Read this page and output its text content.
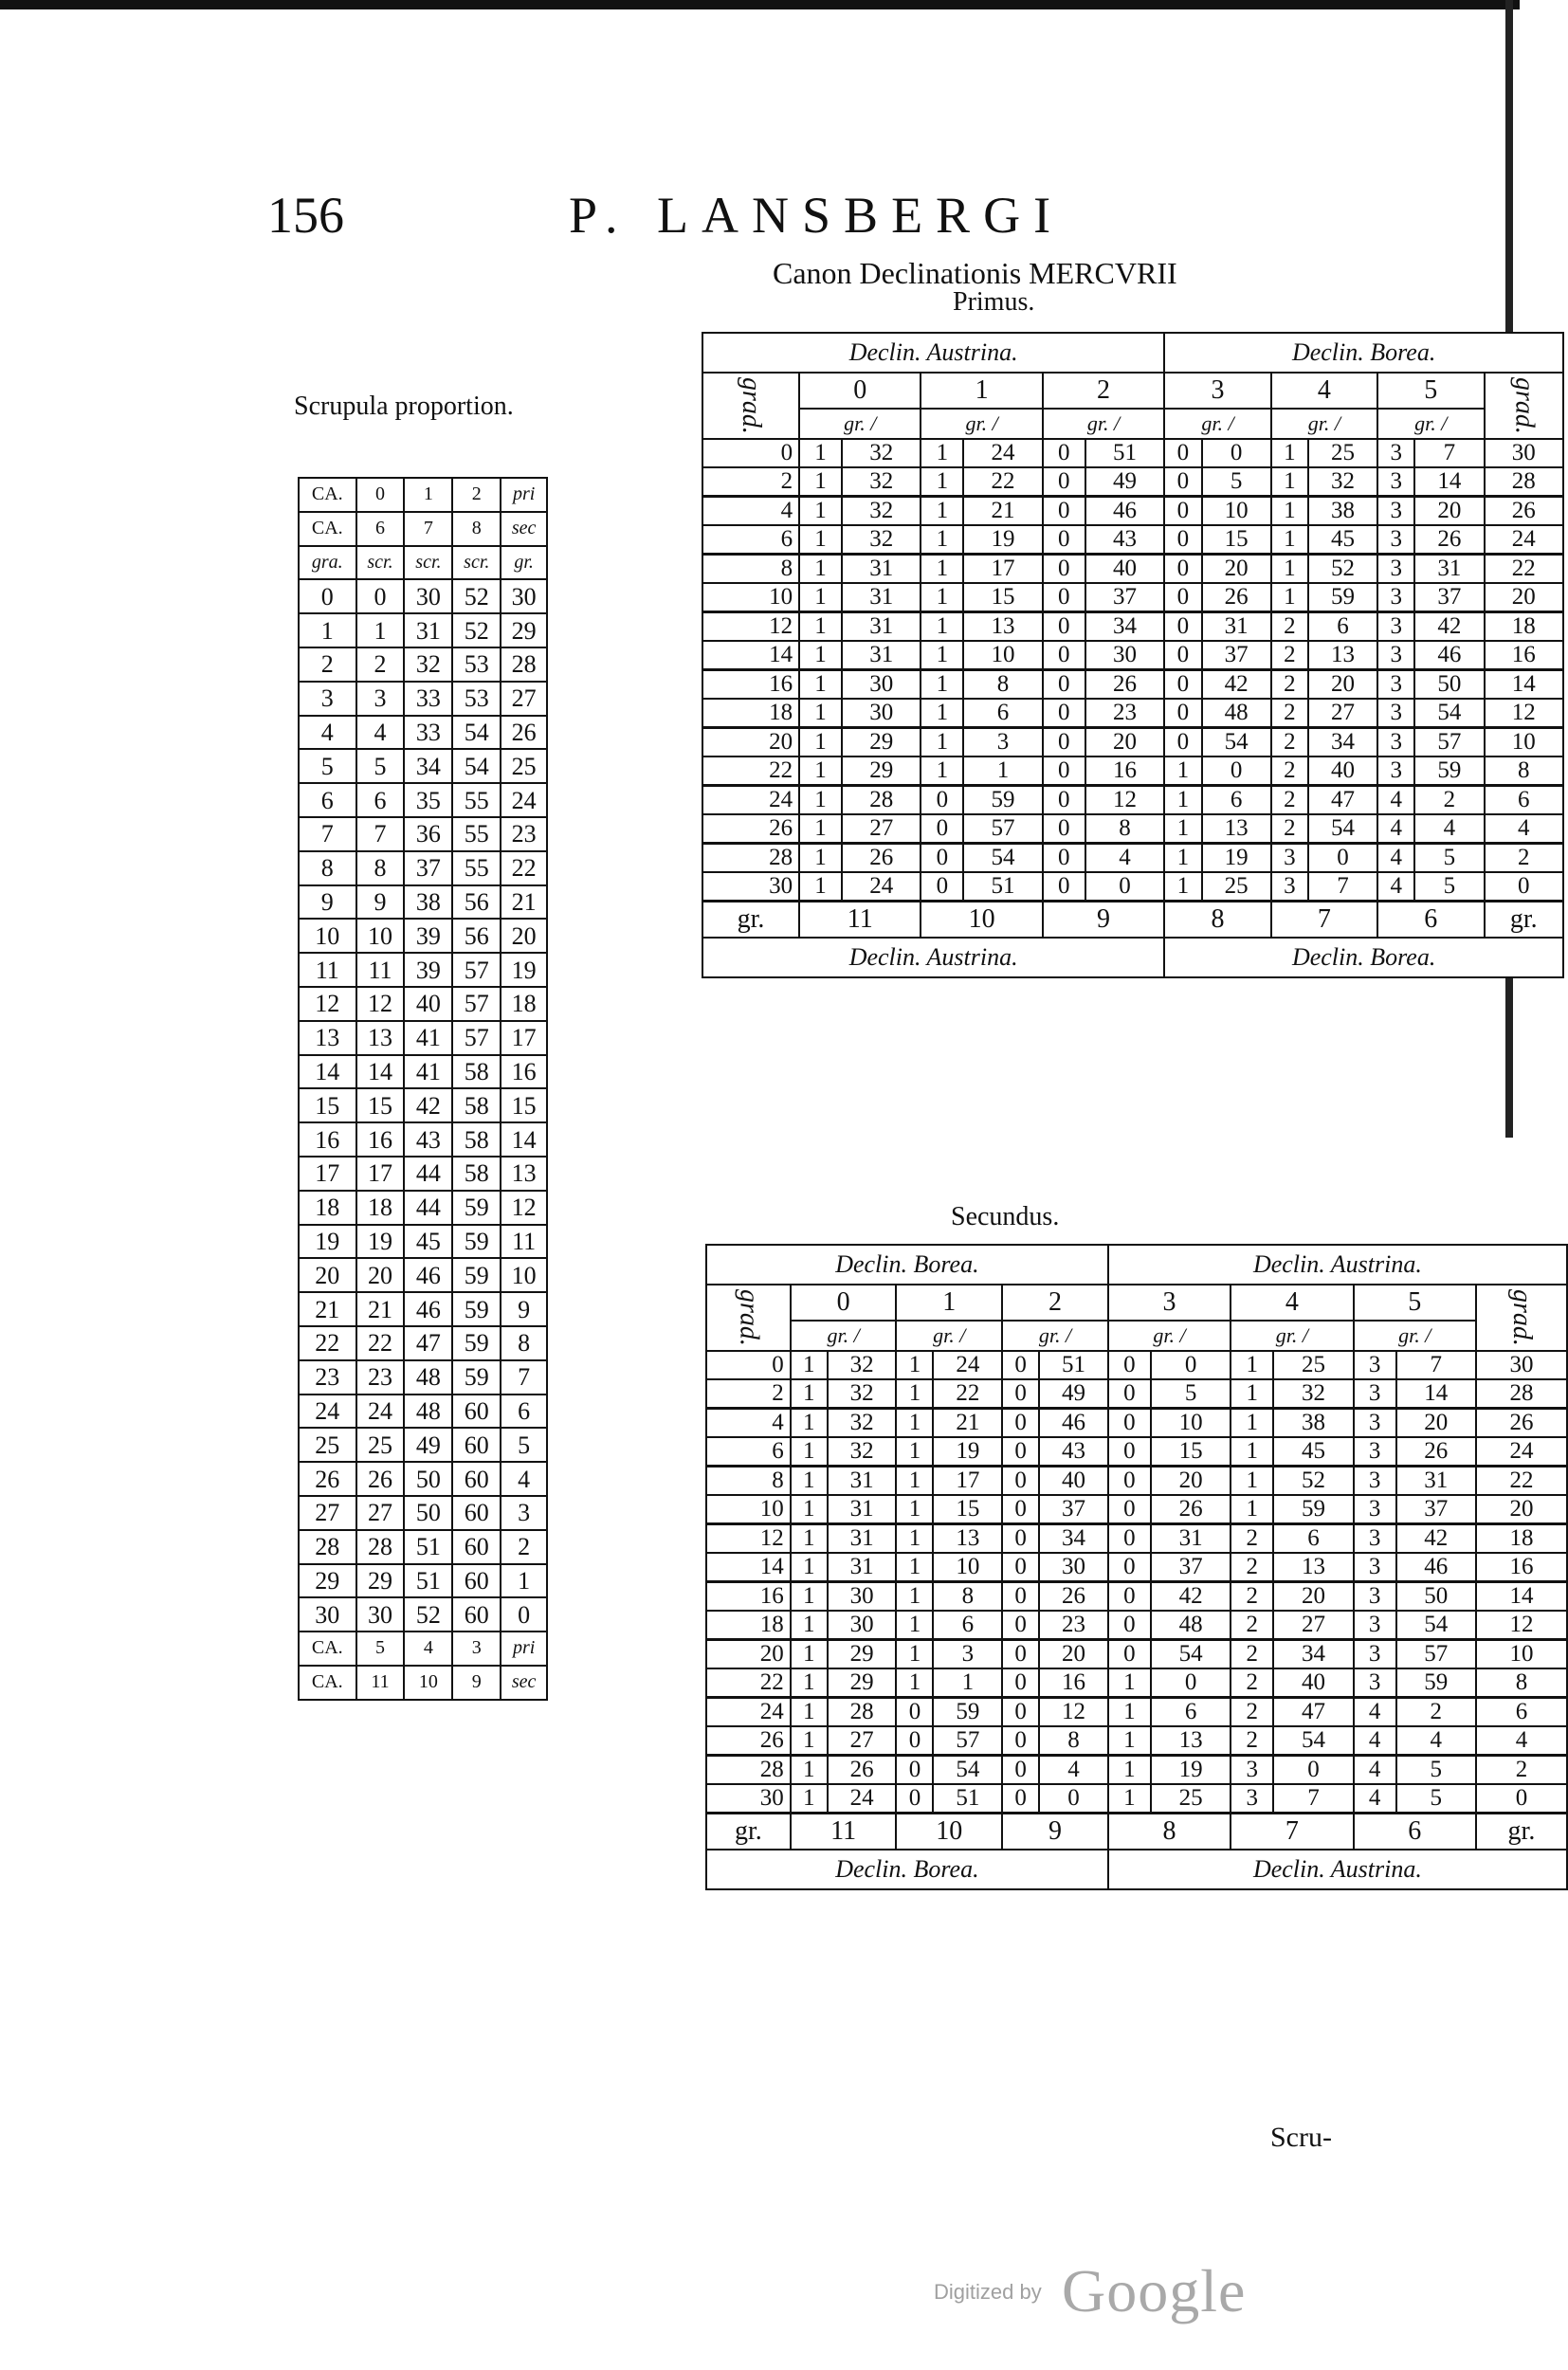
156	P. LANSBERGI
Canon Declinationis MERCVRII
Primus.
Scrupula proportion.
CA.	0	1	2	pri
CA.	6	7	8	sec
gra.	scr.	scr.	scr.	gr.
0	0	30	52	30
1	1	31	52	29
2	2	32	53	28
3	3	33	53	27
4	4	33	54	26
5	5	34	54	25
6	6	35	55	24
7	7	36	55	23
8	8	37	55	22
9	9	38	56	21
10	10	39	56	20
11	11	39	57	19
12	12	40	57	18
13	13	41	57	17
14	14	41	58	16
15	15	42	58	15
16	16	43	58	14
17	17	44	58	13
18	18	44	59	12
19	19	45	59	11
20	20	46	59	10
21	21	46	59	9
22	22	47	59	8
23	23	48	59	7
24	24	48	60	6
25	25	49	60	5
26	26	50	60	4
27	27	50	60	3
28	28	51	60	2
29	29	51	60	1
30	30	52	60	0
CA.	5	4	3	pri
CA.	11	10	9	sec
Declin. Austrina.							Declin. Borea.						
grad.	0		1		2		3		4		5		grad.
	gr. /		gr. /		gr. /		gr. /		gr. /		gr. /		
0	1	32	1	24	0	51	0	0	1	25	3	7	30
2	1	32	1	22	0	49	0	5	1	32	3	14	28
4	1	32	1	21	0	46	0	10	1	38	3	20	26
6	1	32	1	19	0	43	0	15	1	45	3	26	24
8	1	31	1	17	0	40	0	20	1	52	3	31	22
10	1	31	1	15	0	37	0	26	1	59	3	37	20
12	1	31	1	13	0	34	0	31	2	6	3	42	18
14	1	31	1	10	0	30	0	37	2	13	3	46	16
16	1	30	1	8	0	26	0	42	2	20	3	50	14
18	1	30	1	6	0	23	0	48	2	27	3	54	12
20	1	29	1	3	0	20	0	54	2	34	3	57	10
22	1	29	1	1	0	16	1	0	2	40	3	59	8
24	1	28	0	59	0	12	1	6	2	47	4	2	6
26	1	27	0	57	0	8	1	13	2	54	4	4	4
28	1	26	0	54	0	4	1	19	3	0	4	5	2
30	1	24	0	51	0	0	1	25	3	7	4	5	0
gr.	11		10		9		8		7		6		gr.
Declin. Austrina.							Declin. Borea.						
Secundus.
Declin. Borea.							Declin. Austrina.						
grad.	0		1		2		3		4		5		grad.
	gr. /		gr. /		gr. /		gr. /		gr. /		gr. /		
0	1	32	1	24	0	51	0	0	1	25	3	7	30
2	1	32	1	22	0	49	0	5	1	32	3	14	28
4	1	32	1	21	0	46	0	10	1	38	3	20	26
6	1	32	1	19	0	43	0	15	1	45	3	26	24
8	1	31	1	17	0	40	0	20	1	52	3	31	22
10	1	31	1	15	0	37	0	26	1	59	3	37	20
12	1	31	1	13	0	34	0	31	2	6	3	42	18
14	1	31	1	10	0	30	0	37	2	13	3	46	16
16	1	30	1	8	0	26	0	42	2	20	3	50	14
18	1	30	1	6	0	23	0	48	2	27	3	54	12
20	1	29	1	3	0	20	0	54	2	34	3	57	10
22	1	29	1	1	0	16	1	0	2	40	3	59	8
24	1	28	0	59	0	12	1	6	2	47	4	2	6
26	1	27	0	57	0	8	1	13	2	54	4	4	4
28	1	26	0	54	0	4	1	19	3	0	4	5	2
30	1	24	0	51	0	0	1	25	3	7	4	5	0
gr.	11		10		9		8		7		6		gr.
Declin. Borea.							Declin. Austrina.						
Scru-
Digitized by Google
